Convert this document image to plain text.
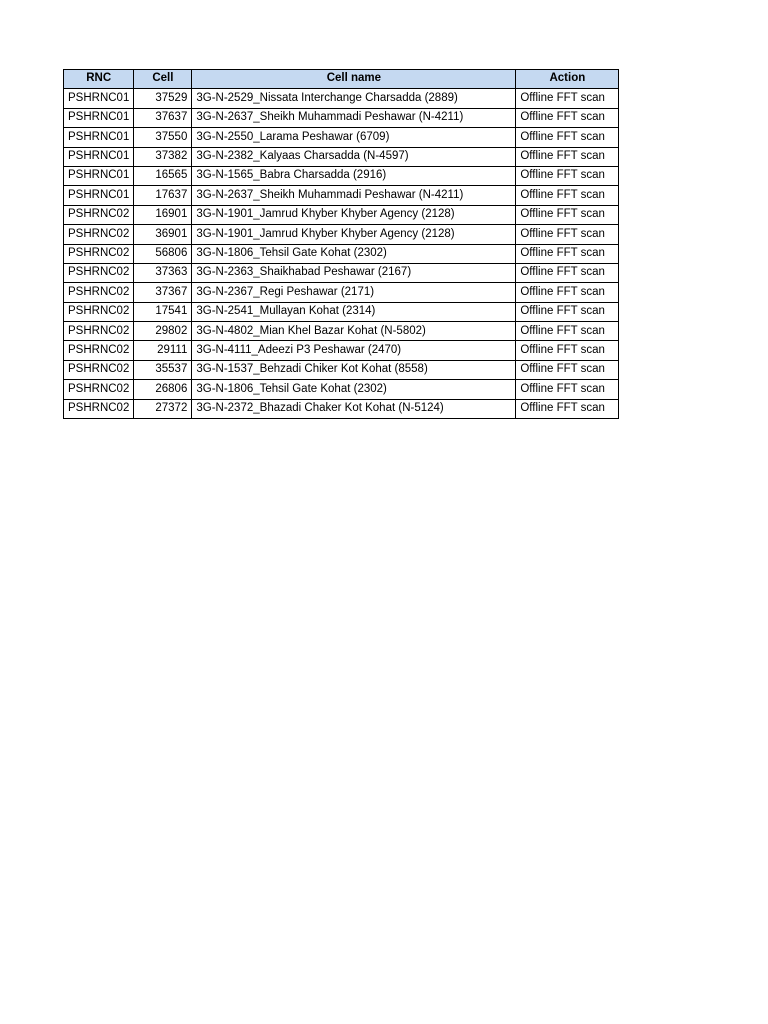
RNC	Cell	Cell name	Action
PSHRNC01	37529	3G-N-2529_Nissata Interchange Charsadda (2889)	Offline FFT scan
PSHRNC01	37637	3G-N-2637_Sheikh Muhammadi Peshawar (N-4211)	Offline FFT scan
PSHRNC01	37550	3G-N-2550_Larama Peshawar (6709)	Offline FFT scan
PSHRNC01	37382	3G-N-2382_Kalyaas Charsadda (N-4597)	Offline FFT scan
PSHRNC01	16565	3G-N-1565_Babra Charsadda (2916)	Offline FFT scan
PSHRNC01	17637	3G-N-2637_Sheikh Muhammadi Peshawar (N-4211)	Offline FFT scan
PSHRNC02	16901	3G-N-1901_Jamrud Khyber Khyber Agency (2128)	Offline FFT scan
PSHRNC02	36901	3G-N-1901_Jamrud Khyber Khyber Agency (2128)	Offline FFT scan
PSHRNC02	56806	3G-N-1806_Tehsil Gate Kohat (2302)	Offline FFT scan
PSHRNC02	37363	3G-N-2363_Shaikhabad Peshawar (2167)	Offline FFT scan
PSHRNC02	37367	3G-N-2367_Regi Peshawar (2171)	Offline FFT scan
PSHRNC02	17541	3G-N-2541_Mullayan Kohat (2314)	Offline FFT scan
PSHRNC02	29802	3G-N-4802_Mian Khel Bazar Kohat (N-5802)	Offline FFT scan
PSHRNC02	29111	3G-N-4111_Adeezi P3 Peshawar (2470)	Offline FFT scan
PSHRNC02	35537	3G-N-1537_Behzadi Chiker Kot Kohat (8558)	Offline FFT scan
PSHRNC02	26806	3G-N-1806_Tehsil Gate Kohat (2302)	Offline FFT scan
PSHRNC02	27372	3G-N-2372_Bhazadi Chaker Kot Kohat (N-5124)	Offline FFT scan
